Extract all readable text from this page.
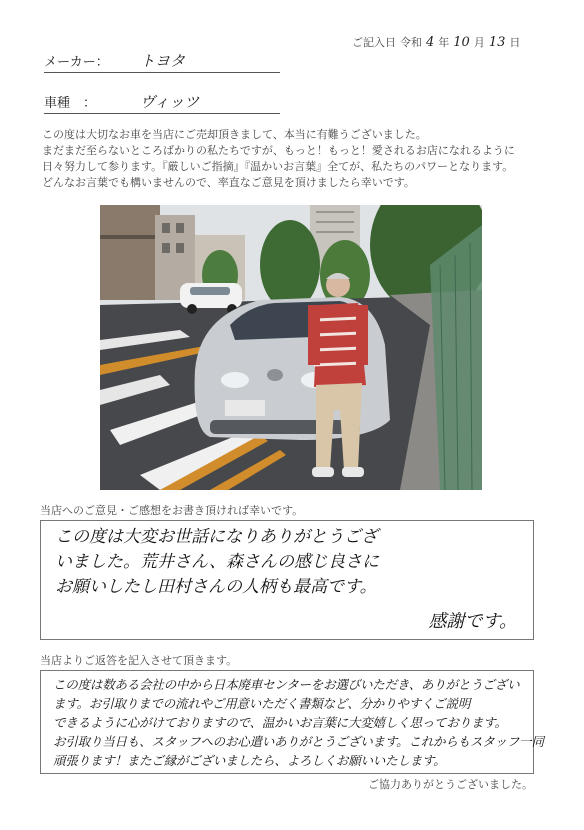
ご記入日 令和 4 年 10 月 13 日
メーカー：	トヨタ
車種　：	ヴィッツ

この度は大切なお車を当店にご売却頂きまして、本当に有難うございました。

まだまだ至らないところばかりの私たちですが、もっと！もっと！愛されるお店になれるように

日々努力して参ります。『厳しいご指摘』『温かいお言葉』全てが、私たちのパワーとなります。

どんなお言葉でも構いませんので、率直なご意見を頂けましたら幸いです。

当店へのご意見・ご感想をお書き頂ければ幸いです。

この度は大変お世話になりありがとうござ

いました。荒井さん、森さんの感じ良さに

お願いしたし田村さんの人柄も最高です。

感謝です。
当店よりご返答を記入させて頂きます。

この度は数ある会社の中から日本廃車センターをお選びいただき、ありがとうござい

ます。お引取りまでの流れやご用意いただく書類など、分かりやすくご説明

できるように心がけておりますので、温かいお言葉に大変嬉しく思っております。

お引取り当日も、スタッフへのお心遣いありがとうございます。これからもスタッフ一同

頑張ります！またご縁がございましたら、よろしくお願いいたします。

ご協力ありがとうございました。
